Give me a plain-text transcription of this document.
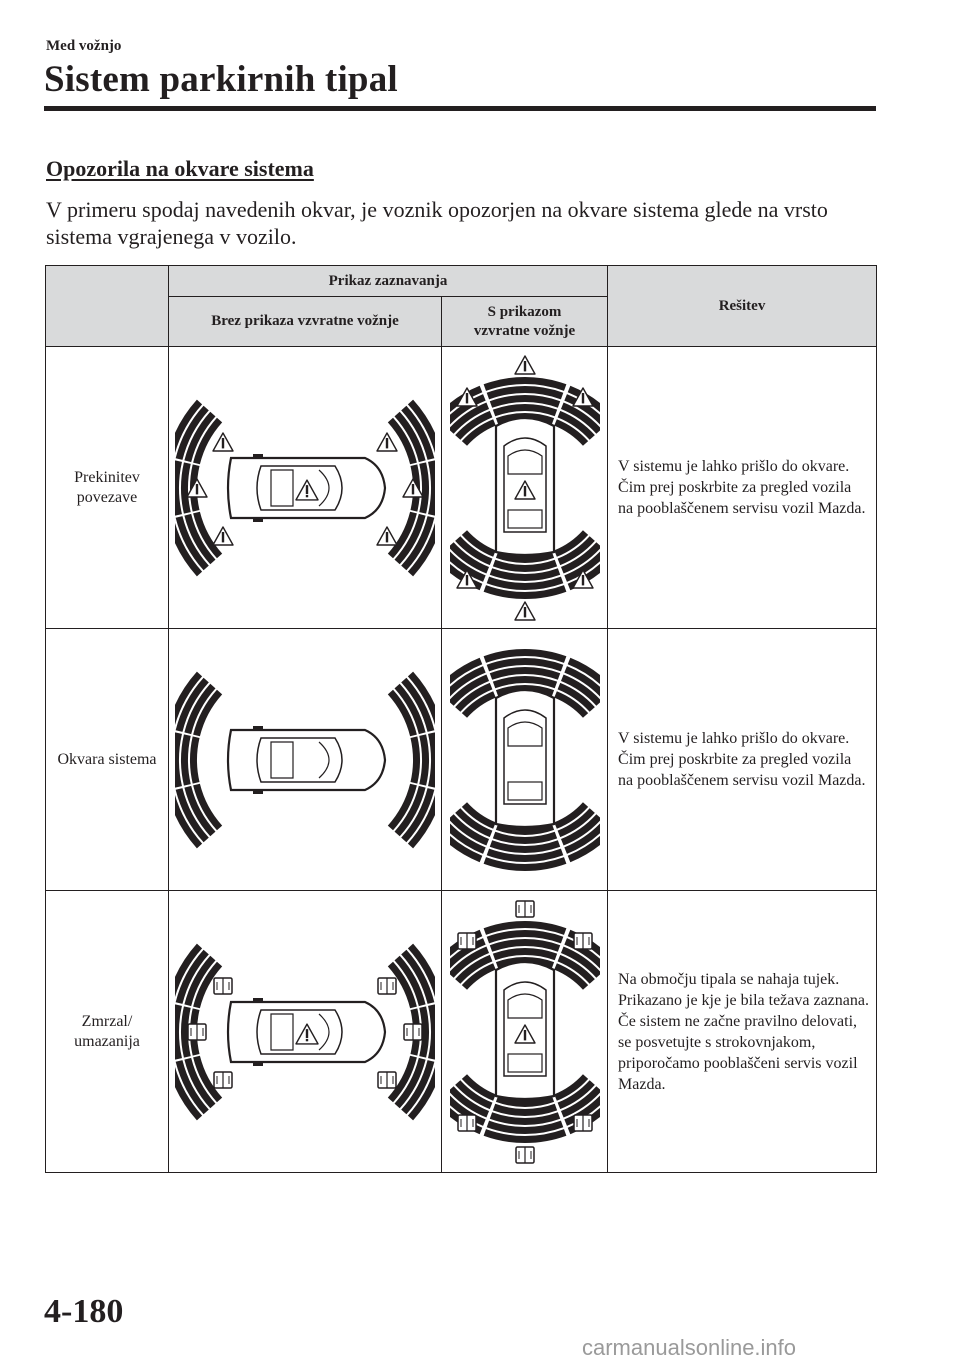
Med vožnjo
Sistem parkirnih tipal
Opozorila na okvare sistema
V primeru spodaj navedenih okvar, je voznik opozorjen na okvare sistema glede na vrsto sistema vgrajenega v vozilo.
	Prikaz zaznavanja		Rešitev
	Brez prikaza vzvratne vožnje	S prikazom vzvratne vožnje	
Prekinitev povezave			V sistemu je lahko prišlo do okvare. Čim prej poskrbite za pregled vozila na pooblaščenem servisu vozil Mazda.
Okvara sistema			V sistemu je lahko prišlo do okvare. Čim prej poskrbite za pregled vozila na pooblaščenem servisu vozil Mazda.
Zmrzal/ umazanija			Na območju tipala se nahaja tujek. Prikazano je kje je bila težava zaznana. Če sistem ne začne pravilno delovati, se posvetujte s strokovnjakom, priporočamo pooblaščeni servis vozil Mazda.
4-180
carmanualsonline.info
